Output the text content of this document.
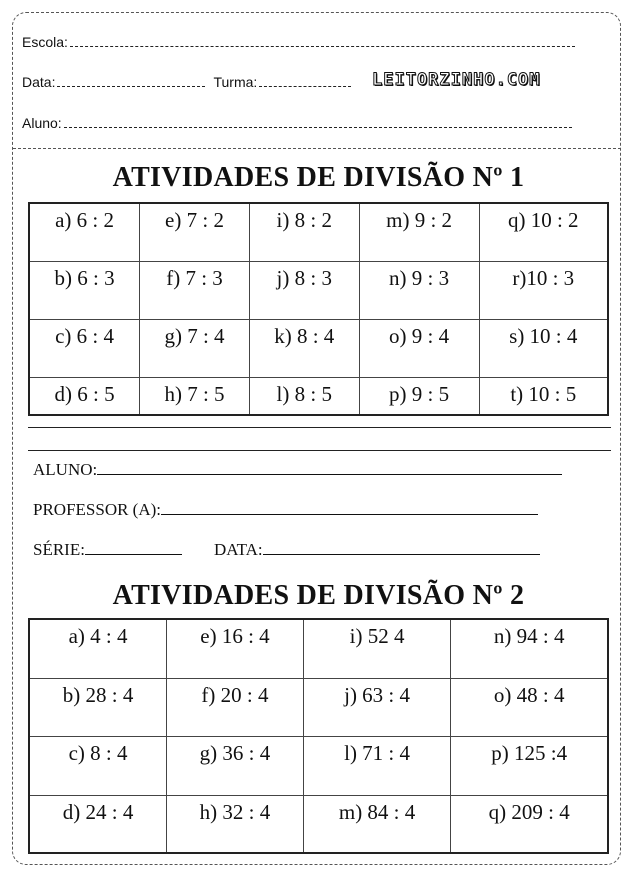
Escola:
Data:	Turma:	LEITORZINHO.COM
Aluno:
ATIVIDADES DE DIVISÃO Nº 1
a) 6 : 2	e) 7 : 2	i) 8 : 2	m) 9 : 2	q) 10 : 2
b) 6 : 3	f) 7 : 3	j) 8 : 3	n) 9 : 3	r)10 : 3
c) 6 : 4	g) 7 : 4	k) 8 : 4	o) 9 : 4	s) 10 : 4
d) 6 : 5	h) 7 : 5	l) 8 : 5	p) 9 : 5	t) 10 : 5
ALUNO:
PROFESSOR (A):
SÉRIE:	DATA:
ATIVIDADES DE DIVISÃO Nº 2
a) 4 : 4	e) 16 : 4	i) 52 4	n) 94 : 4
b) 28 : 4	f) 20 : 4	j) 63 : 4	o) 48 : 4
c) 8 : 4	g) 36 : 4	l) 71 : 4	p) 125 :4
d) 24 : 4	h) 32 : 4	m) 84 : 4	q) 209 : 4
